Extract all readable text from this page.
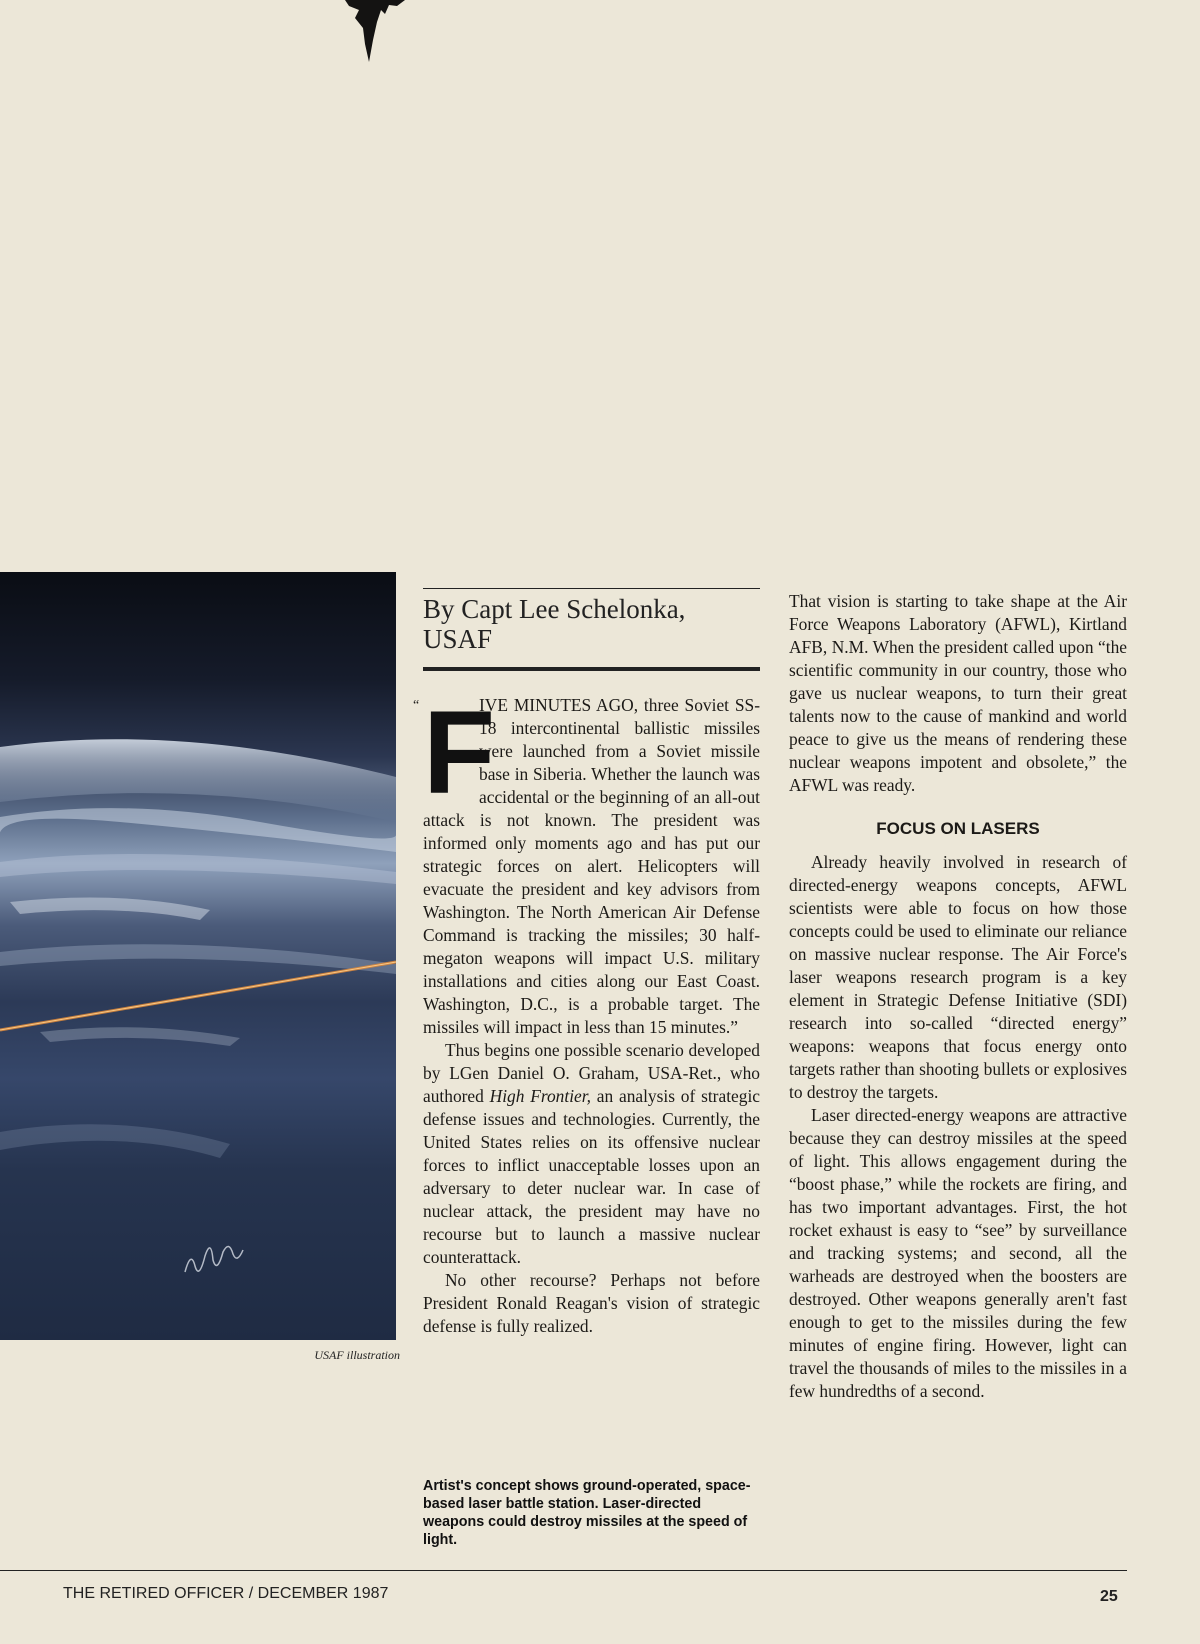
USAF illustration
By Capt Lee Schelonka, USAF
“ F

IVE MINUTES AGO, three Soviet SS-18 intercontinental ballistic missiles were launched from a Soviet missile base in Siberia. Whether the launch was accidental or the beginning of an all-out attack is not known. The president was informed only moments ago and has put our strategic forces on alert. Helicopters will evacuate the president and key advisors from Washington. The North American Air Defense Command is tracking the missiles; 30 half-megaton weapons will impact U.S. military installations and cities along our East Coast. Washington, D.C., is a probable target. The missiles will impact in less than 15 minutes.”

Thus begins one possible scenario developed by LGen Daniel O. Graham, USA-Ret., who authored High Frontier, an analysis of strategic defense issues and technologies. Currently, the United States relies on its offensive nuclear forces to inflict unacceptable losses upon an adversary to deter nuclear war. In case of nuclear attack, the president may have no recourse but to launch a massive nuclear counterattack.

No other recourse? Perhaps not before President Ronald Reagan's vision of strategic defense is fully realized.

Artist's concept shows ground-operated, space-based laser battle station. Laser-directed weapons could destroy missiles at the speed of light.

That vision is starting to take shape at the Air Force Weapons Laboratory (AFWL), Kirtland AFB, N.M. When the president called upon “the scientific community in our country, those who gave us nuclear weapons, to turn their great talents now to the cause of mankind and world peace to give us the means of rendering these nuclear weapons impotent and obsolete,” the AFWL was ready.

FOCUS ON LASERS

Already heavily involved in research of directed-energy weapons concepts, AFWL scientists were able to focus on how those concepts could be used to eliminate our reliance on massive nuclear response. The Air Force's laser weapons research program is a key element in Strategic Defense Initiative (SDI) research into so-called “directed energy” weapons: weapons that focus energy onto targets rather than shooting bullets or explosives to destroy the targets.

Laser directed-energy weapons are attractive because they can destroy missiles at the speed of light. This allows engagement during the “boost phase,” while the rockets are firing, and has two important advantages. First, the hot rocket exhaust is easy to “see” by surveillance and tracking systems; and second, all the warheads are destroyed when the boosters are destroyed. Other weapons generally aren't fast enough to get to the missiles during the few minutes of engine firing. However, light can travel the thousands of miles to the missiles in a few hundredths of a second.

THE RETIRED OFFICER / DECEMBER 1987	25
